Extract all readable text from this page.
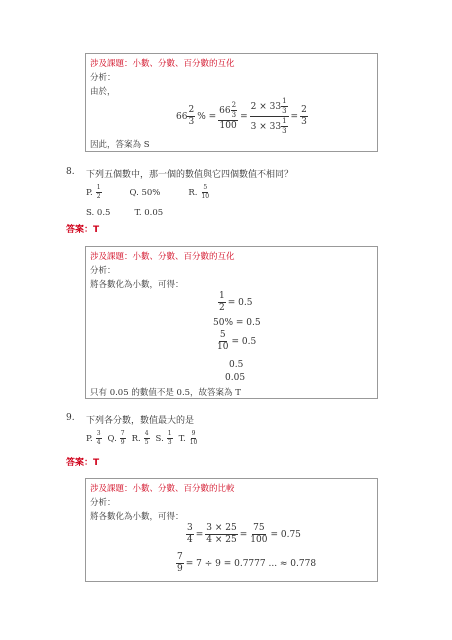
涉及課題：小數、分數、百分數的互化
分析：
由於，
$66 \frac{2}{3}$ % = $\frac{66 \frac{2}{3}}{100} = \frac{2 \times 33 \frac{1}{3}}{3 \times 33 \frac{1}{3}} = \frac{2}{3}$
因此，答案為 S
8. 下列五個數中，那一個的數值與它四個數值不相同？
P. $\frac{1}{2}$	Q. 50%	R. $\frac{5}{10}$
S. 0.5	T. 0.05
答案：T
涉及課題：小數、分數、百分數的互化
分析：
將各數化為小數，可得：
$\frac{1}{2} = 0.5$
50% = 0.5
$\frac{5}{10} = 0.5$
0.5
0.05
只有 0.05 的數值不是 0.5，故答案為 T
9. 下列各分數，數值最大的是
P. $\frac{3}{4} Q$. $\frac{7}{9} R$. $\frac{4}{5} S$. $\frac{1}{3} T$. $\frac{9}{10}$
答案：T
涉及課題：小數、分數、百分數的比較
分析：
將各數化為小數，可得：
$\frac{3}{4} = \frac{3 \times 25}{4 \times 25} = \frac{75}{100} = 0.75$
$\frac{7}{9} = 7 \div 9 = 0.7777$ ... ≈ 0.778
